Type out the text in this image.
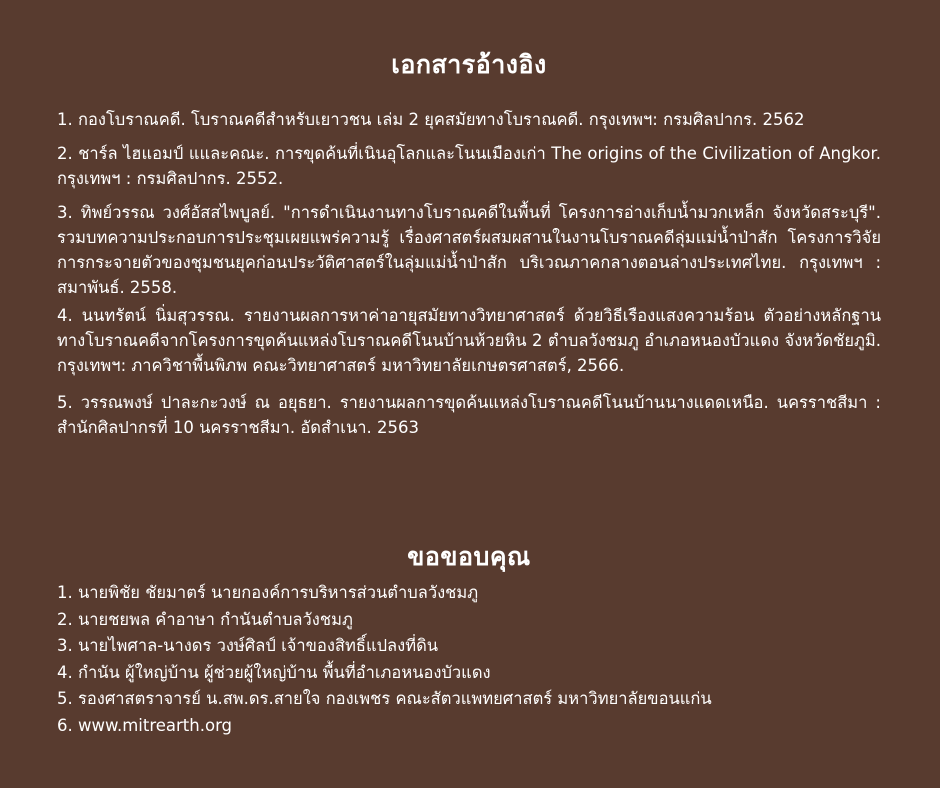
เอกสารอ้างอิง
1. กองโบราณคดี. โบราณคดีสำหรับเยาวชน เล่ม 2 ยุคสมัยทางโบราณคดี. กรุงเทพฯ: กรมศิลปากร. 2562
2. ชาร์ล ไฮแอมป์ แและคณะ. การขุดค้นที่เนินอุโลกและโนนเมืองเก่า The origins of the Civilization of Angkor. กรุงเทพฯ : กรมศิลปากร. 2552.
3. ทิพย์วรรณ วงศ์อัสสไพบูลย์. "การดำเนินงานทางโบราณคดีในพื้นที่ โครงการอ่างเก็บน้ำมวกเหล็ก จังหวัดสระบุรี". รวมบทความประกอบการประชุมเผยแพร่ความรู้ เรื่องศาสตร์ผสมผสานในงานโบราณคดีลุ่มแม่น้ำป่าสัก โครงการวิจัยการกระจายตัวของชุมชนยุคก่อนประวัติศาสตร์ในลุ่มแม่น้ำป่าสัก บริเวณภาคกลางตอนล่างประเทศไทย. กรุงเทพฯ : สมาพันธ์. 2558.
4. นนทรัตน์ นิ่มสุวรรณ. รายงานผลการหาค่าอายุสมัยทางวิทยาศาสตร์ ด้วยวิธีเรืองแสงความร้อน ตัวอย่างหลักฐานทางโบราณคดีจากโครงการขุดค้นแหล่งโบราณคดีโนนบ้านห้วยหิน 2 ตำบลวังชมภู อำเภอหนองบัวแดง จังหวัดชัยภูมิ. กรุงเทพฯ: ภาควิชาพื้นพิภพ คณะวิทยาศาสตร์ มหาวิทยาลัยเกษตรศาสตร์, 2566.
5. วรรณพงษ์ ปาละกะวงษ์ ณ อยุธยา. รายงานผลการขุดค้นแหล่งโบราณคดีโนนบ้านนางแดดเหนือ. นครราชสีมา : สำนักศิลปากรที่ 10 นครราชสีมา. อัดสำเนา. 2563
ขอขอบคุณ
1. นายพิชัย ชัยมาตร์ นายกองค์การบริหารส่วนตำบลวังชมภู
2. นายชยพล คำอาษา กำนันตำบลวังชมภู
3. นายไพศาล-นางดร วงษ์ศิลป์ เจ้าของสิทธิ์แปลงที่ดิน
4. กำนัน ผู้ใหญ่บ้าน ผู้ช่วยผู้ใหญ่บ้าน พื้นที่อำเภอหนองบัวแดง
5. รองศาสตราจารย์ น.สพ.ดร.สายใจ กองเพชร คณะสัตวแพทยศาสตร์ มหาวิทยาลัยขอนแก่น
6. www.mitrearth.org
